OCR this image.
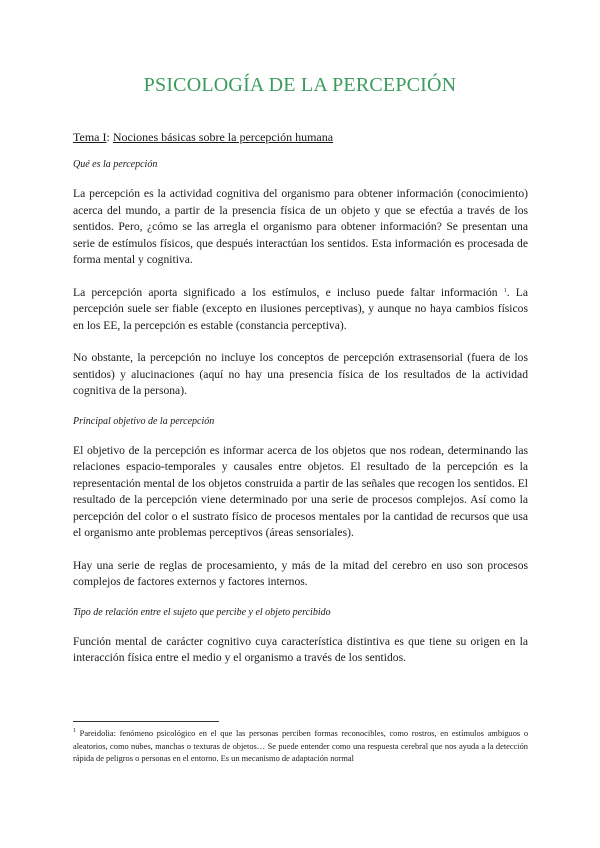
PSICOLOGÍA DE LA PERCEPCIÓN
Tema I: Nociones básicas sobre la percepción humana
Qué es la percepción

La percepción es la actividad cognitiva del organismo para obtener información (conocimiento) acerca del mundo, a partir de la presencia física de un objeto y que se efectúa a través de los sentidos. Pero, ¿cómo se las arregla el organismo para obtener información? Se presentan una serie de estímulos físicos, que después interactúan los sentidos. Esta información es procesada de forma mental y cognitiva.

La percepción aporta significado a los estímulos, e incluso puede faltar información $^1$. La percepción suele ser fiable (excepto en ilusiones perceptivas), y aunque no haya cambios físicos en los EE, la percepción es estable (constancia perceptiva).

No obstante, la percepción no incluye los conceptos de percepción extrasensorial (fuera de los sentidos) y alucinaciones (aquí no hay una presencia física de los resultados de la actividad cognitiva de la persona).

Principal objetivo de la percepción

El objetivo de la percepción es informar acerca de los objetos que nos rodean, determinando las relaciones espacio-temporales y causales entre objetos. El resultado de la percepción es la representación mental de los objetos construida a partir de las señales que recogen los sentidos. El resultado de la percepción viene determinado por una serie de procesos complejos. Así como la percepción del color o el sustrato físico de procesos mentales por la cantidad de recursos que usa el organismo ante problemas perceptivos (áreas sensoriales).

Hay una serie de reglas de procesamiento, y más de la mitad del cerebro en uso son procesos complejos de factores externos y factores internos.

Tipo de relación entre el sujeto que percibe y el objeto percibido

Función mental de carácter cognitivo cuya característica distintiva es que tiene su origen en la interacción física entre el medio y el organismo a través de los sentidos.

$^1$ Pareidolia: fenómeno psicológico en el que las personas perciben formas reconocibles, como rostros, en estímulos ambiguos o aleatorios, como nubes, manchas o texturas de objetos… Se puede entender como una respuesta cerebral que nos ayuda a la detección rápida de peligros o personas en el entorno. Es un mecanismo de adaptación normal
